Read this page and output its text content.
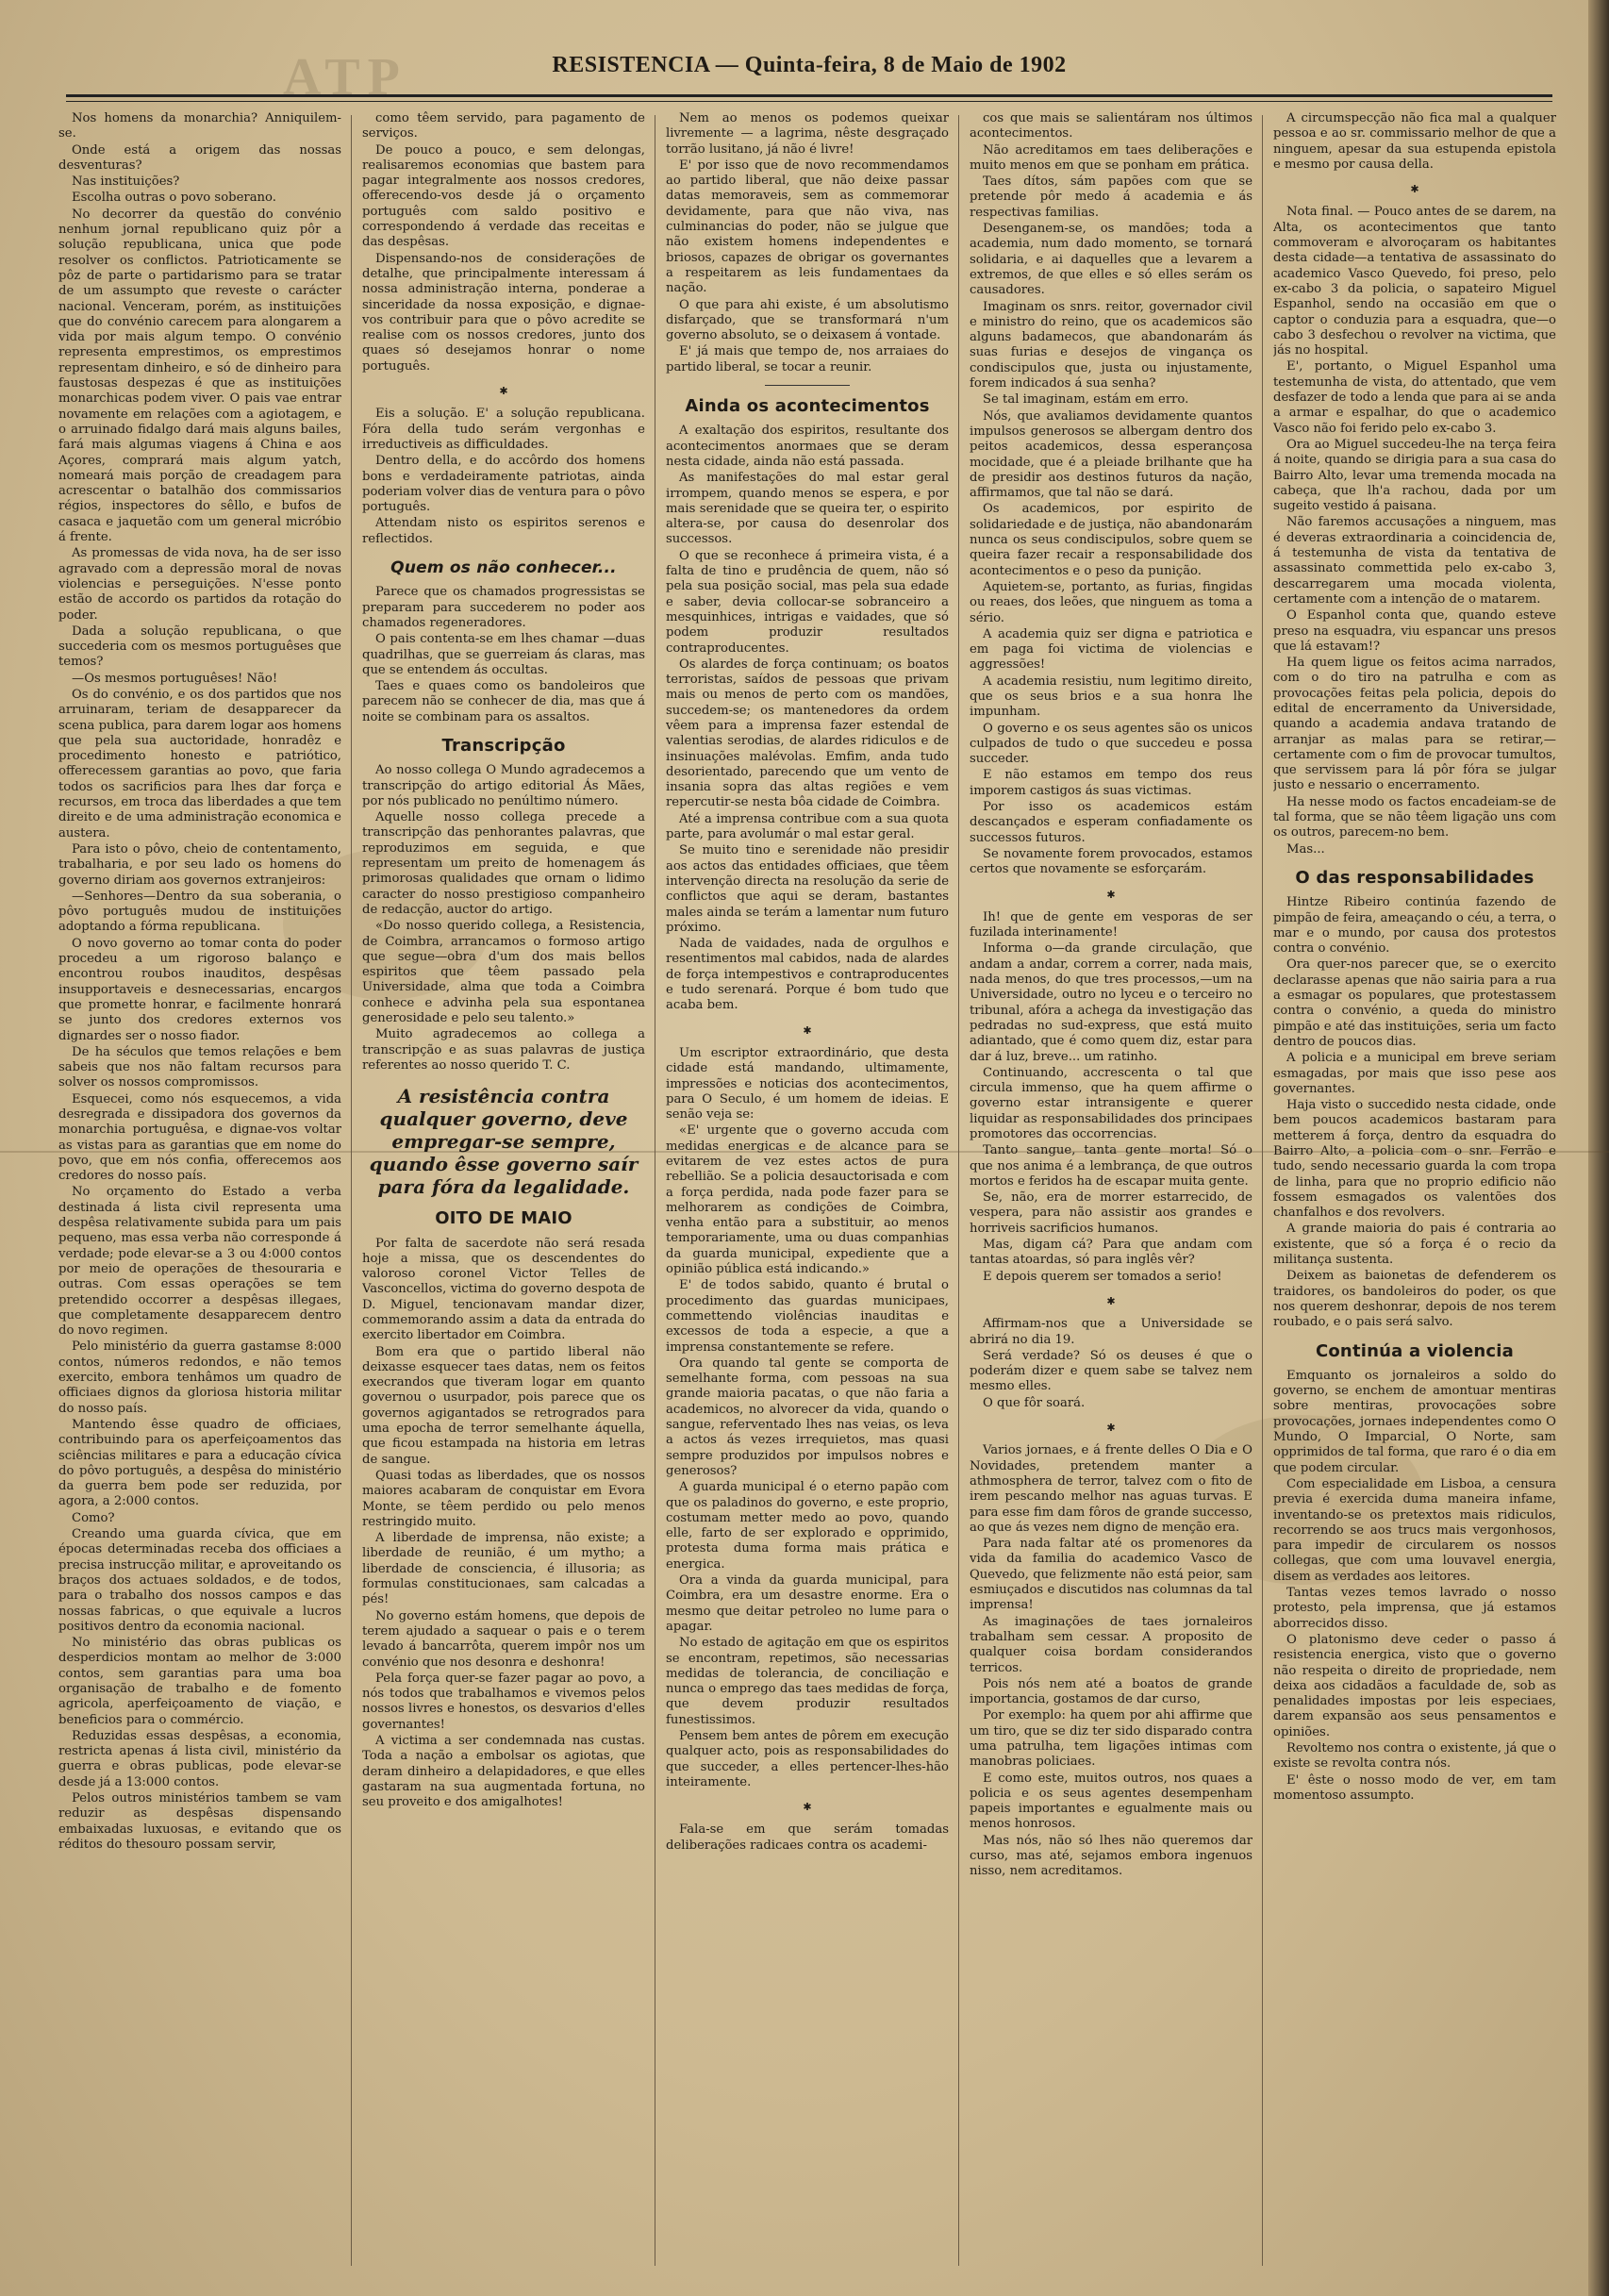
ATP	RESISTENCIA — Quinta-feira, 8 de Maio de 1902

Nos homens da monarchia? Anniquilem-se.

Onde está a origem das nossas desventuras?

Nas instituições?

Escolha outras o povo soberano.

No decorrer da questão do convénio nenhum jornal republicano quiz pôr a solução republicana, unica que pode resolver os conflictos. Patrioticamente se pôz de parte o partidarismo para se tratar de um assumpto que reveste o carácter nacional. Venceram, porém, as instituições que do convénio carecem para alongarem a vida por mais algum tempo. O convénio representa emprestimos, os emprestimos representam dinheiro, e só de dinheiro para faustosas despezas é que as instituições monarchicas podem viver. O pais vae entrar novamente em relações com a agiotagem, e o arruinado fidalgo dará mais alguns bailes, fará mais algumas viagens á China e aos Açores, comprará mais algum yatch, nomeará mais porção de creadagem para acrescentar o batalhão dos commissarios régios, inspectores do sêllo, e bufos de casaca e jaquetão com um general micróbio á frente.

As promessas de vida nova, ha de ser isso agravado com a depressão moral de novas violencias e perseguições. N'esse ponto estão de accordo os partidos da rotação do poder.

Dada a solução republicana, o que succederia com os mesmos portuguêses que temos?

—Os mesmos portuguêses! Não!

Os do convénio, e os dos partidos que nos arruinaram, teriam de desapparecer da scena publica, para darem logar aos homens que pela sua auctoridade, honradêz e procedimento honesto e patriótico, offerecessem garantias ao povo, que faria todos os sacrificios para lhes dar força e recursos, em troca das liberdades a que tem direito e de uma administração economica e austera.

Para isto o pôvo, cheio de contentamento, trabalharia, e por seu lado os homens do governo diriam aos governos extranjeiros:

—Senhores—Dentro da sua soberania, o pôvo português mudou de instituições adoptando a fórma republicana.

O novo governo ao tomar conta do poder procedeu a um rigoroso balanço e encontrou roubos inauditos, despêsas insupportaveis e desnecessarias, encargos que promette honrar, e facilmente honrará se junto dos credores externos vos dignardes ser o nosso fiador.

De ha séculos que temos relações e bem sabeis que nos não faltam recursos para solver os nossos compromissos.

Esquecei, como nós esquecemos, a vida desregrada e dissipadora dos governos da monarchia portuguêsa, e dignae-vos voltar as vistas para as garantias que em nome do povo, que em nós confia, offerecemos aos credores do nosso país.

No orçamento do Estado a verba destinada á lista civil representa uma despêsa relativamente subida para um pais pequeno, mas essa verba não corresponde á verdade; pode elevar-se a 3 ou 4:000 contos por meio de operações de thesouraria e outras. Com essas operações se tem pretendido occorrer a despêsas illegaes, que completamente desapparecem dentro do novo regimen.

Pelo ministério da guerra gastamse 8:000 contos, números redondos, e não temos exercito, embora tenhâmos um quadro de officiaes dignos da gloriosa historia militar do nosso país.

Mantendo êsse quadro de officiaes, contribuindo para os aperfeiçoamentos das sciências militares e para a educação cívica do pôvo português, a despêsa do ministério da guerra bem pode ser reduzida, por agora, a 2:000 contos.

Como?

Creando uma guarda cívica, que em épocas determinadas receba dos officiaes a precisa instrucção militar, e aproveitando os braços dos actuaes soldados, e de todos, para o trabalho dos nossos campos e das nossas fabricas, o que equivale a lucros positivos dentro da economia nacional.

No ministério das obras publicas os desperdicios montam ao melhor de 3:000 contos, sem garantias para uma boa organisação de trabalho e de fomento agricola, aperfeiçoamento de viação, e beneficios para o commércio.

Reduzidas essas despêsas, a economia, restricta apenas á lista civil, ministério da guerra e obras publicas, pode elevar-se desde já a 13:000 contos.

Pelos outros ministérios tambem se vam reduzir as despêsas dispensando embaixadas luxuosas, e evitando que os réditos do thesouro possam servir,

como têem servido, para pagamento de serviços.

De pouco a pouco, e sem delongas, realisaremos economias que bastem para pagar integralmente aos nossos credores, offerecendo-vos desde já o orçamento português com saldo positivo e correspondendo á verdade das receitas e das despêsas.

Dispensando-nos de considerações de detalhe, que principalmente interessam á nossa administração interna, ponderae a sinceridade da nossa exposição, e dignae-vos contribuir para que o pôvo acredite se realise com os nossos credores, junto dos quaes só desejamos honrar o nome português.

✱

Eis a solução. E' a solução republicana. Fóra della tudo serám vergonhas e irreductiveis as difficuldades.

Dentro della, e do accôrdo dos homens bons e verdadeiramente patriotas, ainda poderiam volver dias de ventura para o pôvo português.

Attendam nisto os espiritos serenos e reflectidos.

Quem os não conhecer...

Parece que os chamados progressistas se preparam para succederem no poder aos chamados regeneradores.

O pais contenta-se em lhes chamar —duas quadrilhas, que se guerreiam ás claras, mas que se entendem ás occultas.

Taes e quaes como os bandoleiros que parecem não se conhecer de dia, mas que á noite se combinam para os assaltos.

Transcripção

Ao nosso collega O Mundo agradecemos a transcripção do artigo editorial Ás Mães, por nós publicado no penúltimo número.

Aquelle nosso collega precede a transcripção das penhorantes palavras, que reproduzimos em seguida, e que representam um preito de homenagem ás primorosas qualidades que ornam o lidimo caracter do nosso prestigioso companheiro de redacção, auctor do artigo.

«Do nosso querido collega, a Resistencia, de Coimbra, arrancamos o formoso artigo que segue—obra d'um dos mais bellos espiritos que têem passado pela Universidade, alma que toda a Coimbra conhece e advinha pela sua espontanea generosidade e pelo seu talento.»

Muito agradecemos ao collega a transcripção e as suas palavras de justiça referentes ao nosso querido T. C.

A resistência contra qualquer governo, deve empregar-se sempre, quando êsse governo saír para fóra da legalidade.
OITO DE MAIO

Por falta de sacerdote não será resada hoje a missa, que os descendentes do valoroso coronel Victor Telles de Vasconcellos, victima do governo despota de D. Miguel, tencionavam mandar dizer, commemorando assim a data da entrada do exercito libertador em Coimbra.

Bom era que o partido liberal não deixasse esquecer taes datas, nem os feitos execrandos que tiveram logar em quanto governou o usurpador, pois parece que os governos agigantados se retrogrados para uma epocha de terror semelhante áquella, que ficou estampada na historia em letras de sangue.

Quasi todas as liberdades, que os nossos maiores acabaram de conquistar em Evora Monte, se têem perdido ou pelo menos restringido muito.

A liberdade de imprensa, não existe; a liberdade de reunião, é um mytho; a liberdade de consciencia, é illusoria; as formulas constitucionaes, sam calcadas a pés!

No governo estám homens, que depois de terem ajudado a saquear o pais e o terem levado á bancarrôta, querem impôr nos um convénio que nos desonra e deshonra!

Pela força quer-se fazer pagar ao povo, a nós todos que trabalhamos e vivemos pelos nossos livres e honestos, os desvarios d'elles governantes!

A victima a ser condemnada nas custas. Toda a nação a embolsar os agiotas, que deram dinheiro a delapidadores, e que elles gastaram na sua augmentada fortuna, no seu proveito e dos amigalhotes!

Nem ao menos os podemos queixar livremente — a lagrima, nêste desgraçado torrão lusitano, já não é livre!

E' por isso que de novo recommendamos ao partido liberal, que não deixe passar datas memoraveis, sem as commemorar devidamente, para que não viva, nas culminancias do poder, não se julgue que não existem homens independentes e briosos, capazes de obrigar os governantes a respeitarem as leis fundamentaes da nação.

O que para ahi existe, é um absolutismo disfarçado, que se transformará n'um governo absoluto, se o deixasem á vontade.

E' já mais que tempo de, nos arraiaes do partido liberal, se tocar a reunir.

Ainda os acontecimentos

A exaltação dos espiritos, resultante dos acontecimentos anormaes que se deram nesta cidade, ainda não está passada.

As manifestações do mal estar geral irrompem, quando menos se espera, e por mais serenidade que se queira ter, o espirito altera-se, por causa do desenrolar dos successos.

O que se reconhece á primeira vista, é a falta de tino e prudência de quem, não só pela sua posição social, mas pela sua edade e saber, devia collocar-se sobranceiro a mesquinhices, intrigas e vaidades, que só podem produzir resultados contraproducentes.

Os alardes de força continuam; os boatos terroristas, saídos de pessoas que privam mais ou menos de perto com os mandões, succedem-se; os mantenedores da ordem vêem para a imprensa fazer estendal de valentias serodias, de alardes ridiculos e de insinuações malévolas. Emfim, anda tudo desorientado, parecendo que um vento de insania sopra das altas regiões e vem repercutir-se nesta bôa cidade de Coimbra.

Até a imprensa contribue com a sua quota parte, para avolumár o mal estar geral.

Se muito tino e serenidade não presidir aos actos das entidades officiaes, que têem intervenção directa na resolução da serie de conflictos que aqui se deram, bastantes males ainda se terám a lamentar num futuro próximo.

Nada de vaidades, nada de orgulhos e resentimentos mal cabidos, nada de alardes de força intempestivos e contraproducentes e tudo serenará. Porque é bom tudo que acaba bem.

✱

Um escriptor extraordinário, que desta cidade está mandando, ultimamente, impressões e noticias dos acontecimentos, para O Seculo, é um homem de ideias. E senão veja se:

«E' urgente que o governo accuda com medidas energicas e de alcance para se evitarem de vez estes actos de pura rebellião. Se a policia desauctorisada e com a força perdida, nada pode fazer para se melhorarem as condições de Coimbra, venha então para a substituir, ao menos temporariamente, uma ou duas companhias da guarda municipal, expediente que a opinião pública está indicando.»

E' de todos sabido, quanto é brutal o procedimento das guardas municipaes, commettendo violências inauditas e excessos de toda a especie, a que a imprensa constantemente se refere.

Ora quando tal gente se comporta de semelhante forma, com pessoas na sua grande maioria pacatas, o que não faria a academicos, no alvorecer da vida, quando o sangue, referventado lhes nas veias, os leva a actos ás vezes irrequietos, mas quasi sempre produzidos por impulsos nobres e generosos?

A guarda municipal é o eterno papão com que os paladinos do governo, e este proprio, costumam metter medo ao povo, quando elle, farto de ser explorado e opprimido, protesta duma forma mais prática e energica.

Ora a vinda da guarda municipal, para Coimbra, era um desastre enorme. Era o mesmo que deitar petroleo no lume para o apagar.

No estado de agitação em que os espiritos se encontram, repetimos, são necessarias medidas de tolerancia, de conciliação e nunca o emprego das taes medidas de força, que devem produzir resultados funestissimos.

Pensem bem antes de pôrem em execução qualquer acto, pois as responsabilidades do que succeder, a elles pertencer-lhes-hão inteiramente.

✱

Fala-se em que serám tomadas deliberações radicaes contra os academi-

cos que mais se salientáram nos últimos acontecimentos.

Não acreditamos em taes deliberações e muito menos em que se ponham em prática.

Taes dítos, sám papões com que se pretende pôr medo á academia e ás respectivas familias.

Desenganem-se, os mandões; toda a academia, num dado momento, se tornará solidaria, e ai daquelles que a levarem a extremos, de que elles e só elles serám os causadores.

Imaginam os snrs. reitor, governador civil e ministro do reino, que os academicos são alguns badamecos, que abandonarám ás suas furias e desejos de vingança os condiscipulos que, justa ou injustamente, forem indicados á sua senha?

Se tal imaginam, estám em erro.

Nós, que avaliamos devidamente quantos impulsos generosos se albergam dentro dos peitos academicos, dessa esperançosa mocidade, que é a pleiade brilhante que ha de presidir aos destinos futuros da nação, affirmamos, que tal não se dará.

Os academicos, por espirito de solidariedade e de justiça, não abandonarám nunca os seus condiscipulos, sobre quem se queira fazer recair a responsabilidade dos acontecimentos e o peso da punição.

Aquietem-se, portanto, as furias, fingidas ou reaes, dos leões, que ninguem as toma a sério.

A academia quiz ser digna e patriotica e em paga foi victima de violencias e aggressões!

A academia resistiu, num legitimo direito, que os seus brios e a sua honra lhe impunham.

O governo e os seus agentes são os unicos culpados de tudo o que succedeu e possa succeder.

E não estamos em tempo dos reus imporem castigos ás suas victimas.

Por isso os academicos estám descançados e esperam confiadamente os successos futuros.

Se novamente forem provocados, estamos certos que novamente se esforçarám.

✱

Ih! que de gente em vesporas de ser fuzilada interinamente!

Informa o—da grande circulação, que andam a andar, correm a correr, nada mais, nada menos, do que tres processos,—um na Universidade, outro no lyceu e o terceiro no tribunal, afóra a achega da investigação das pedradas no sud-express, que está muito adiantado, que é como quem diz, estar para dar á luz, breve... um ratinho.

Continuando, accrescenta o tal que circula immenso, que ha quem affirme o governo estar intransigente e querer liquidar as responsabilidades dos principaes promotores das occorrencias.

Tanto sangue, tanta gente morta! Só o que nos anima é a lembrança, de que outros mortos e feridos ha de escapar muita gente.

Se, não, era de morrer estarrecido, de vespera, para não assistir aos grandes e horriveis sacrificios humanos.

Mas, digam cá? Para que andam com tantas atoardas, só para inglês vêr?

E depois querem ser tomados a serio!

✱

Affirmam-nos que a Universidade se abrirá no dia 19.

Será verdade? Só os deuses é que o poderám dizer e quem sabe se talvez nem mesmo elles.

O que fôr soará.

✱

Varios jornaes, e á frente delles O Dia e O Novidades, pretendem manter a athmosphera de terror, talvez com o fito de irem pescando melhor nas aguas turvas. E para esse fim dam fôros de grande successo, ao que ás vezes nem digno de menção era.

Para nada faltar até os promenores da vida da familia do academico Vasco de Quevedo, que felizmente não está peior, sam esmiuçados e discutidos nas columnas da tal imprensa!

As imaginações de taes jornaleiros trabalham sem cessar. A proposito de qualquer coisa bordam considerandos terricos.

Pois nós nem até a boatos de grande importancia, gostamos de dar curso,

Por exemplo: ha quem por ahi affirme que um tiro, que se diz ter sido disparado contra uma patrulha, tem ligações intimas com manobras policiaes.

E como este, muitos outros, nos quaes a policia e os seus agentes desempenham papeis importantes e egualmente mais ou menos honrosos.

Mas nós, não só lhes não queremos dar curso, mas até, sejamos embora ingenuos nisso, nem acreditamos.

A circumspecção não fica mal a qualquer pessoa e ao sr. commissario melhor de que a ninguem, apesar da sua estupenda epistola e mesmo por causa della.

✱

Nota final. — Pouco antes de se darem, na Alta, os acontecimentos que tanto commoveram e alvoroçaram os habitantes desta cidade—a tentativa de assassinato do academico Vasco Quevedo, foi preso, pelo ex-cabo 3 da policia, o sapateiro Miguel Espanhol, sendo na occasião em que o captor o conduzia para a esquadra, que—o cabo 3 desfechou o revolver na victima, que jás no hospital.

E', portanto, o Miguel Espanhol uma testemunha de vista, do attentado, que vem desfazer de todo a lenda que para ai se anda a armar e espalhar, do que o academico Vasco não foi ferido pelo ex-cabo 3.

Ora ao Miguel succedeu-lhe na terça feira á noite, quando se dirigia para a sua casa do Bairro Alto, levar uma tremenda mocada na cabeça, que lh'a rachou, dada por um sugeito vestido á paisana.

Não faremos accusações a ninguem, mas é deveras extraordinaria a coincidencia de, á testemunha de vista da tentativa de assassinato commettida pelo ex-cabo 3, descarregarem uma mocada violenta, certamente com a intenção de o matarem.

O Espanhol conta que, quando esteve preso na esquadra, viu espancar uns presos que lá estavam!?

Ha quem ligue os feitos acima narrados, com o do tiro na patrulha e com as provocações feitas pela policia, depois do edital de encerramento da Universidade, quando a academia andava tratando de arranjar as malas para se retirar,—certamente com o fim de provocar tumultos, que servissem para lá pôr fóra se julgar justo e nessario o encerramento.

Ha nesse modo os factos encadeiam-se de tal forma, que se não têem ligação uns com os outros, parecem-no bem.

Mas...

O das responsabilidades

Hintze Ribeiro continúa fazendo de pimpão de feira, ameaçando o céu, a terra, o mar e o mundo, por causa dos protestos contra o convénio.

Ora quer-nos parecer que, se o exercito declarasse apenas que não sairia para a rua a esmagar os populares, que protestassem contra o convénio, a queda do ministro pimpão e até das instituições, seria um facto dentro de poucos dias.

A policia e a municipal em breve seriam esmagadas, por mais que isso pese aos governantes.

Haja visto o succedido nesta cidade, onde bem poucos academicos bastaram para metterem á força, dentro da esquadra do Bairro Alto, a policia com o snr. Ferrão e tudo, sendo necessario guarda la com tropa de linha, para que no proprio edificio não fossem esmagados os valentões dos chanfalhos e dos revolvers.

A grande maioria do pais é contraria ao existente, que só a força é o recio da militança sustenta.

Deixem as baionetas de defenderem os traidores, os bandoleiros do poder, os que nos querem deshonrar, depois de nos terem roubado, e o pais será salvo.

Continúa a violencia

Emquanto os jornaleiros a soldo do governo, se enchem de amontuar mentiras sobre mentiras, provocações sobre provocações, jornaes independentes como O Mundo, O Imparcial, O Norte, sam opprimidos de tal forma, que raro é o dia em que podem circular.

Com especialidade em Lisboa, a censura previa é exercida duma maneira infame, inventando-se os pretextos mais ridiculos, recorrendo se aos trucs mais vergonhosos, para impedir de circularem os nossos collegas, que com uma louvavel energia, disem as verdades aos leitores.

Tantas vezes temos lavrado o nosso protesto, pela imprensa, que já estamos aborrecidos disso.

O platonismo deve ceder o passo á resistencia energica, visto que o governo não respeita o direito de propriedade, nem deixa aos cidadãos a faculdade de, sob as penalidades impostas por leis especiaes, darem expansão aos seus pensamentos e opiniões.

Revoltemo nos contra o existente, já que o existe se revolta contra nós.

E' êste o nosso modo de ver, em tam momentoso assumpto.
